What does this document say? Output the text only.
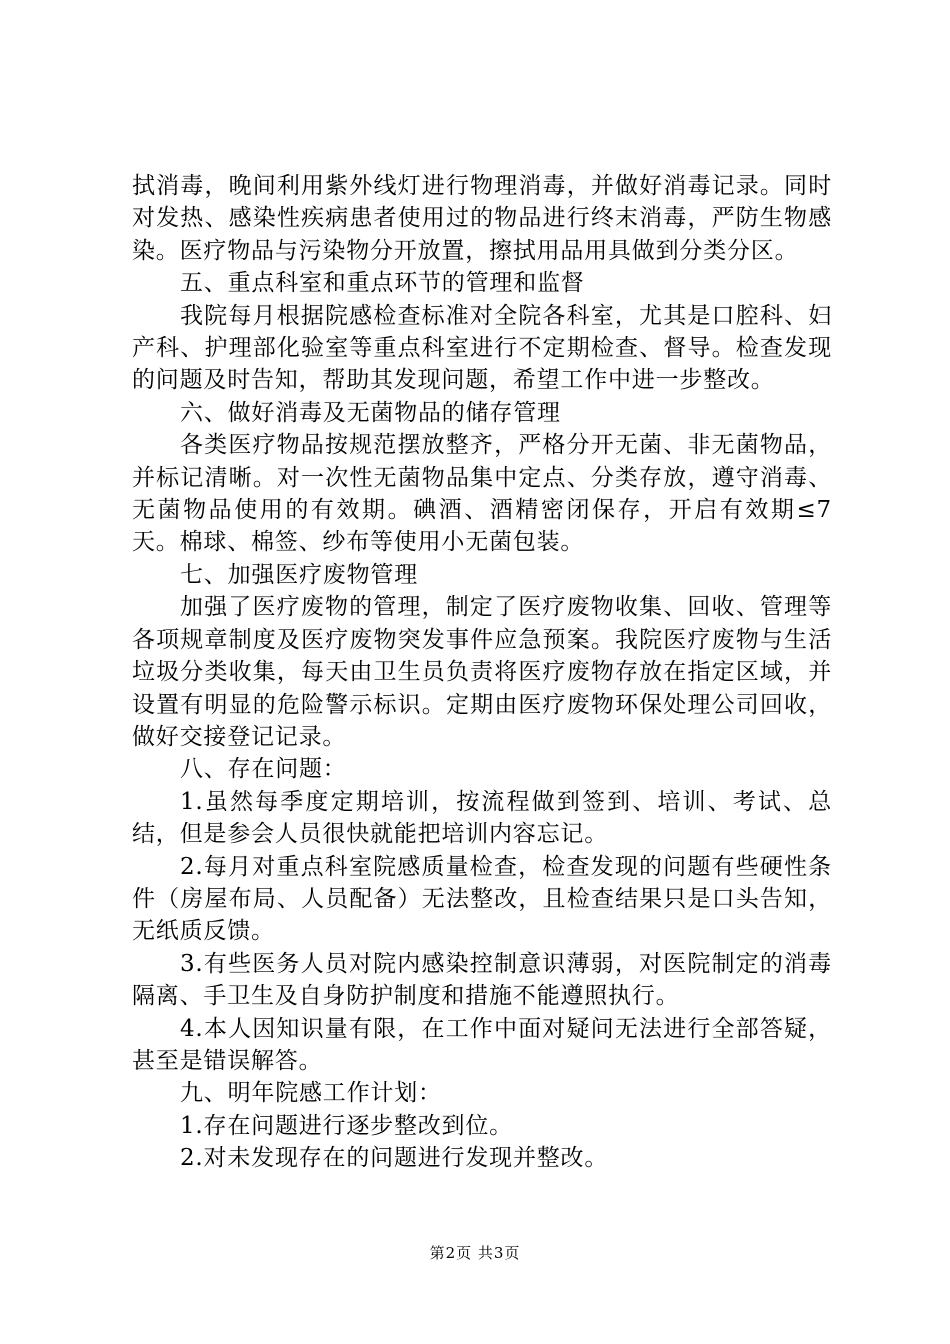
拭消毒，晚间利用紫外线灯进行物理消毒，并做好消毒记录。同时对发热、感染性疾病患者使用过的物品进行终末消毒，严防生物感染。医疗物品与污染物分开放置，擦拭用品用具做到分类分区。

五、重点科室和重点环节的管理和监督

我院每月根据院感检查标准对全院各科室，尤其是口腔科、妇产科、护理部化验室等重点科室进行不定期检查、督导。检查发现的问题及时告知，帮助其发现问题，希望工作中进一步整改。

六、做好消毒及无菌物品的储存管理

各类医疗物品按规范摆放整齐，严格分开无菌、非无菌物品，并标记清晰。对一次性无菌物品集中定点、分类存放，遵守消毒、无菌物品使用的有效期。碘酒、酒精密闭保存，开启有效期≤7天。棉球、棉签、纱布等使用小无菌包装。

七、加强医疗废物管理

加强了医疗废物的管理，制定了医疗废物收集、回收、管理等各项规章制度及医疗废物突发事件应急预案。我院医疗废物与生活垃圾分类收集，每天由卫生员负责将医疗废物存放在指定区域，并设置有明显的危险警示标识。定期由医疗废物环保处理公司回收，做好交接登记记录。

八、存在问题：

1.虽然每季度定期培训，按流程做到签到、培训、考试、总结，但是参会人员很快就能把培训内容忘记。

2.每月对重点科室院感质量检查，检查发现的问题有些硬性条件（房屋布局、人员配备）无法整改，且检查结果只是口头告知，无纸质反馈。

3.有些医务人员对院内感染控制意识薄弱，对医院制定的消毒隔离、手卫生及自身防护制度和措施不能遵照执行。

4.本人因知识量有限，在工作中面对疑问无法进行全部答疑，甚至是错误解答。

九、明年院感工作计划：

1.存在问题进行逐步整改到位。

2.对未发现存在的问题进行发现并整改。

第2页 共3页
